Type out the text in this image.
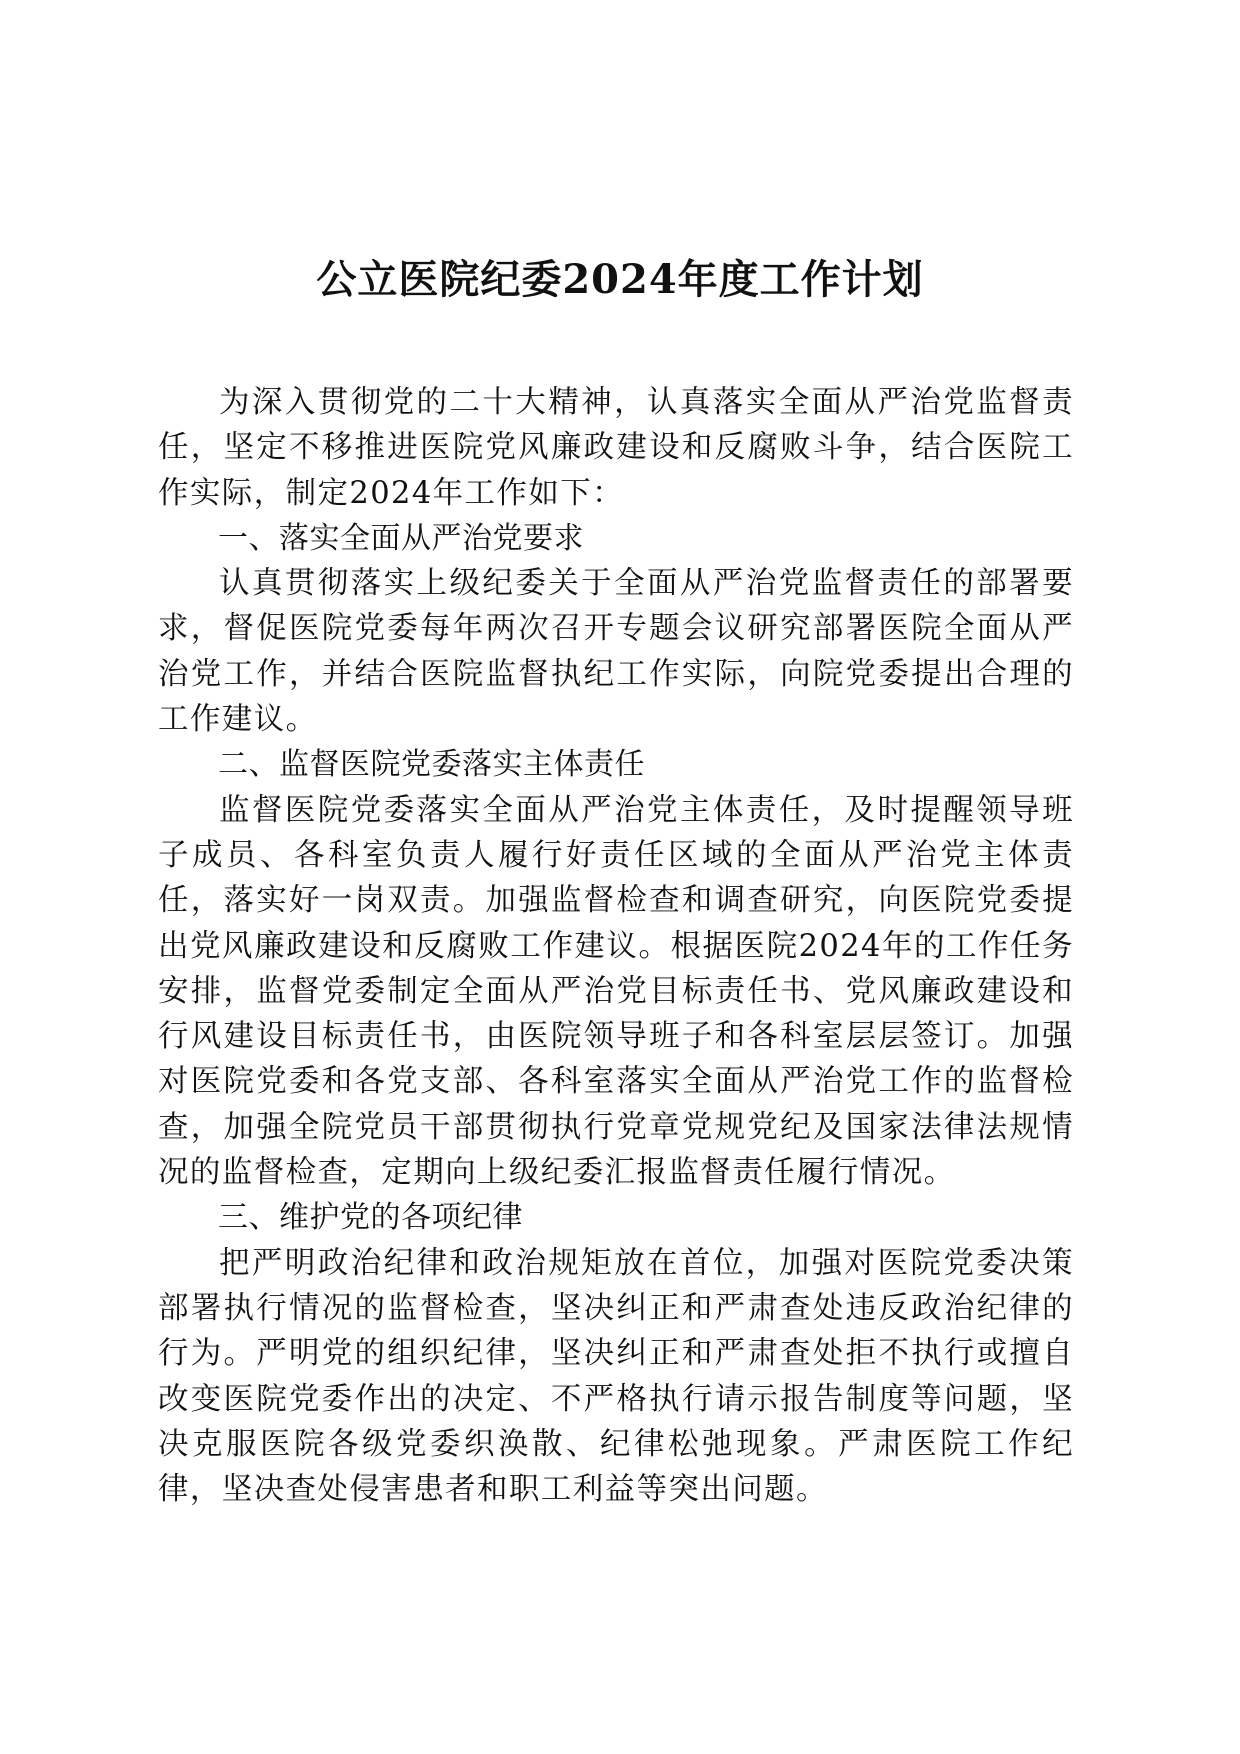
公立医院纪委2024年度工作计划

为深入贯彻党的二十大精神，认真落实全面从严治党监督责任，坚定不移推进医院党风廉政建设和反腐败斗争，结合医院工作实际，制定2024年工作如下：

一、落实全面从严治党要求

认真贯彻落实上级纪委关于全面从严治党监督责任的部署要求，督促医院党委每年两次召开专题会议研究部署医院全面从严治党工作，并结合医院监督执纪工作实际，向院党委提出合理的工作建议。

二、监督医院党委落实主体责任

监督医院党委落实全面从严治党主体责任，及时提醒领导班子成员、各科室负责人履行好责任区域的全面从严治党主体责任，落实好一岗双责。加强监督检查和调查研究，向医院党委提出党风廉政建设和反腐败工作建议。根据医院2024年的工作任务安排，监督党委制定全面从严治党目标责任书、党风廉政建设和行风建设目标责任书，由医院领导班子和各科室层层签订。加强对医院党委和各党支部、各科室落实全面从严治党工作的监督检查，加强全院党员干部贯彻执行党章党规党纪及国家法律法规情况的监督检查，定期向上级纪委汇报监督责任履行情况。

三、维护党的各项纪律

把严明政治纪律和政治规矩放在首位，加强对医院党委决策部署执行情况的监督检查，坚决纠正和严肃查处违反政治纪律的行为。严明党的组织纪律，坚决纠正和严肃查处拒不执行或擅自改变医院党委作出的决定、不严格执行请示报告制度等问题，坚决克服医院各级党委织涣散、纪律松弛现象。严肃医院工作纪律，坚决查处侵害患者和职工利益等突出问题。
